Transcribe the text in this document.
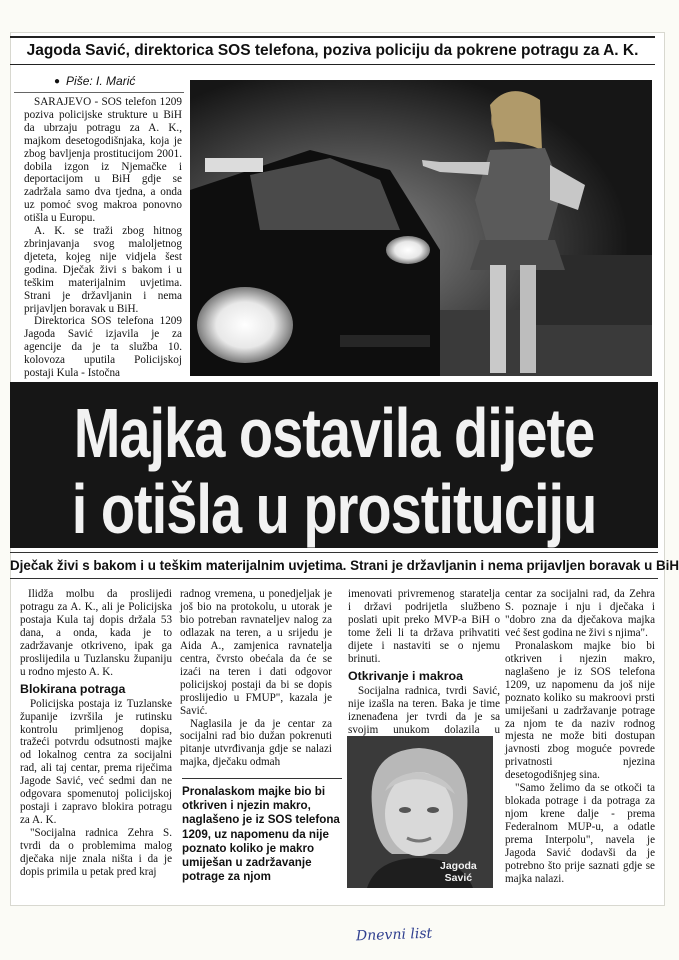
Jagoda Savić, direktorica SOS telefona, poziva policiju da pokrene potragu za A. K.
● Piše: I. Marić

SARAJEVO - SOS telefon 1209 poziva policijske strukture u BiH da ubrzaju potragu za A. K., majkom desetogodišnjaka, koja je zbog bavljenja prostitucijom 2001. dobila izgon iz Njemačke i deportacijom u BiH gdje se zadržala samo dva tjedna, a onda uz pomoć svog makroa ponovno otišla u Europu.

A. K. se traži zbog hitnog zbrinjavanja svog maloljetnog djeteta, kojeg nije vidjela šest godina. Dječak živi s bakom i u teškim materijalnim uvjetima. Strani je državljanin i nema prijavljen boravak u BiH.

Direktorica SOS telefona 1209 Jagoda Savić izjavila je za agencije da je ta služba 10. kolovoza uputila Policijskoj postaji Kula - Istočna

Majka ostavila dijete
i otišla u prostituciju
Dječak živi s bakom i u teškim materijalnim uvjetima. Strani je državljanin i nema prijavljen boravak u BiH

Ilidža molbu da proslijedi potragu za A. K., ali je Policijska postaja Kula taj dopis držala 53 dana, a onda, kada je to zadržavanje otkriveno, ipak ga proslijedila u Tuzlansku županiju u rodno mjesto A. K.

Blokirana potraga

Policijska postaja iz Tuzlanske županije izvršila je rutinsku kontrolu primljenog dopisa, tražeći potvrdu odsutnosti majke od lokalnog centra za socijalni rad, ali taj centar, prema riječima Jagode Savić, već sedmi dan ne odgovara spomenutoj policijskoj postaji i zapravo blokira potragu za A. K.

"Socijalna radnica Zehra S. tvrdi da o problemima malog dječaka nije znala ništa i da je dopis primila u petak pred kraj

radnog vremena, u ponedjeljak je još bio na protokolu, u utorak je bio potreban ravnateljev nalog za odlazak na teren, a u srijedu je Aida A., zamjenica ravnatelja centra, čvrsto obećala da će se izaći na teren i dati odgovor policijskoj postaji da bi se dopis proslijedio u FMUP", kazala je Savić.

Naglasila je da je centar za socijalni rad bio dužan pokrenuti pitanje utvrđivanja gdje se nalazi majka, dječaku odmah

Pronalaskom majke bio bi otkriven i njezin makro, naglašeno je iz SOS telefona 1209, uz napomenu da nije poznato koliko je makro umiješan u zadržavanje potrage za njom

imenovati privremenog staratelja i državi podrijetla službeno poslati upit preko MVP-a BiH o tome želi li ta država prihvatiti dijete i nastaviti se o njemu brinuti.

Otkrivanje i makroa

Socijalna radnica, tvrdi Savić, nije izašla na teren. Baka je time iznenađena jer tvrdi da je sa svojim unukom dolazila u

Jagoda
Savić

centar za socijalni rad, da Zehra S. poznaje i nju i dječaka i "dobro zna da dječakova majka već šest godina ne živi s njima".

Pronalaskom majke bio bi otkriven i njezin makro, naglašeno je iz SOS telefona 1209, uz napomenu da još nije poznato koliko su makroovi prsti umiješani u zadržavanje potrage za njom te da naziv rodnog mjesta ne može biti dostupan javnosti zbog moguće povrede privatnosti njezina desetogodišnjeg sina.

"Samo želimo da se otkoči ta blokada potrage i da potraga za njom krene dalje - prema Federalnom MUP-u, a odatle prema Interpolu", navela je Jagoda Savić dodavši da je potrebno što prije saznati gdje se majka nalazi.

Dnevni list
